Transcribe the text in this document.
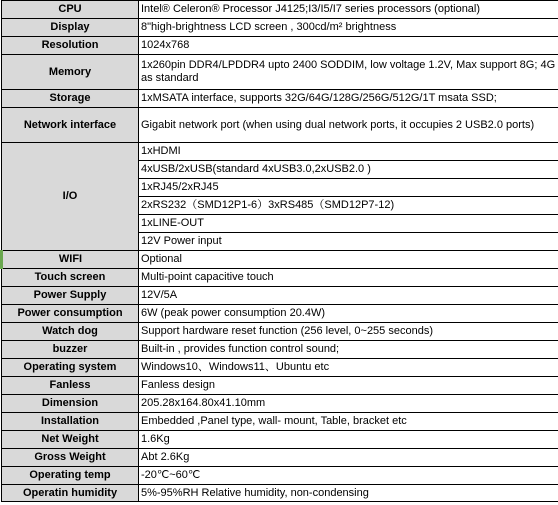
CPU	Intel® Celeron® Processor J4125;I3/I5/I7 series processors (optional)
Display	8"high-brightness LCD screen , 300cd/m² brightness
Resolution	1024x768
Memory	1x260pin DDR4/LPDDR4 upto 2400 SODDIM, low voltage 1.2V, Max support 8G; 4G as standard
Storage	1xMSATA interface, supports 32G/64G/128G/256G/512G/1T msata SSD;
Network interface	Gigabit network port (when using dual network ports, it occupies 2 USB2.0 ports)
I/O	1xHDMI
	4xUSB/2xUSB(standard 4xUSB3.0,2xUSB2.0 )
	1xRJ45/2xRJ45
	2xRS232（SMD12P1-6）3xRS485（SMD12P7-12)
	1xLINE-OUT
	12V Power input
WIFI	Optional
Touch screen	Multi-point capacitive touch
Power Supply	12V/5A
Power consumption	6W (peak power consumption 20.4W)
Watch dog	Support hardware reset function (256 level, 0~255 seconds)
buzzer	Built-in , provides function control sound;
Operating system	Windows10、Windows11、Ubuntu etc
Fanless	Fanless design
Dimension	205.28x164.80x41.10mm
Installation	Embedded ,Panel type, wall- mount, Table, bracket etc
Net Weight	1.6Kg
Gross Weight	Abt 2.6Kg
Operating temp	-20℃~60℃
Operatin humidity	5%-95%RH Relative humidity, non-condensing
